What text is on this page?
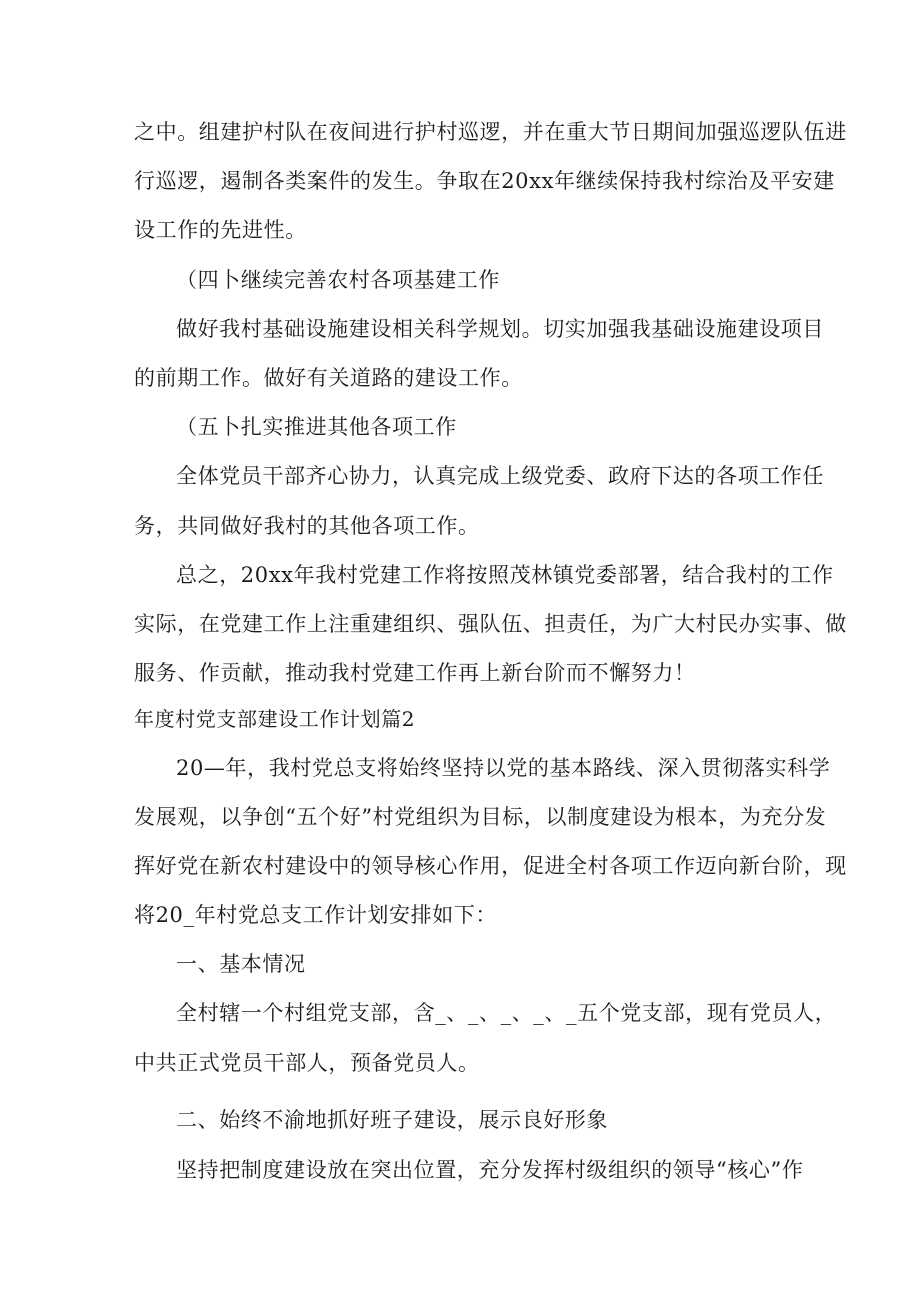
之中。组建护村队在夜间进行护村巡逻，并在重大节日期间加强巡逻队伍进
行巡逻，遏制各类案件的发生。争取在20xx年继续保持我村综治及平安建
设工作的先进性。
（四卜继续完善农村各项基建工作
做好我村基础设施建设相关科学规划。切实加强我基础设施建设项目
的前期工作。做好有关道路的建设工作。
（五卜扎实推进其他各项工作
全体党员干部齐心协力，认真完成上级党委、政府下达的各项工作任
务，共同做好我村的其他各项工作。
总之，20xx年我村党建工作将按照茂林镇党委部署，结合我村的工作
实际，在党建工作上注重建组织、强队伍、担责任，为广大村民办实事、做
服务、作贡献，推动我村党建工作再上新台阶而不懈努力！
年度村党支部建设工作计划篇2
20—年，我村党总支将始终坚持以党的基本路线、深入贯彻落实科学
发展观，以争创“五个好”村党组织为目标，以制度建设为根本，为充分发
挥好党在新农村建设中的领导核心作用，促进全村各项工作迈向新台阶，现
将20_年村党总支工作计划安排如下：
一、基本情况
全村辖一个村组党支部，含_、_、_、_、_五个党支部，现有党员人，
中共正式党员干部人，预备党员人。
二、始终不渝地抓好班子建设，展示良好形象
坚持把制度建设放在突出位置，充分发挥村级组织的领导“核心”作
